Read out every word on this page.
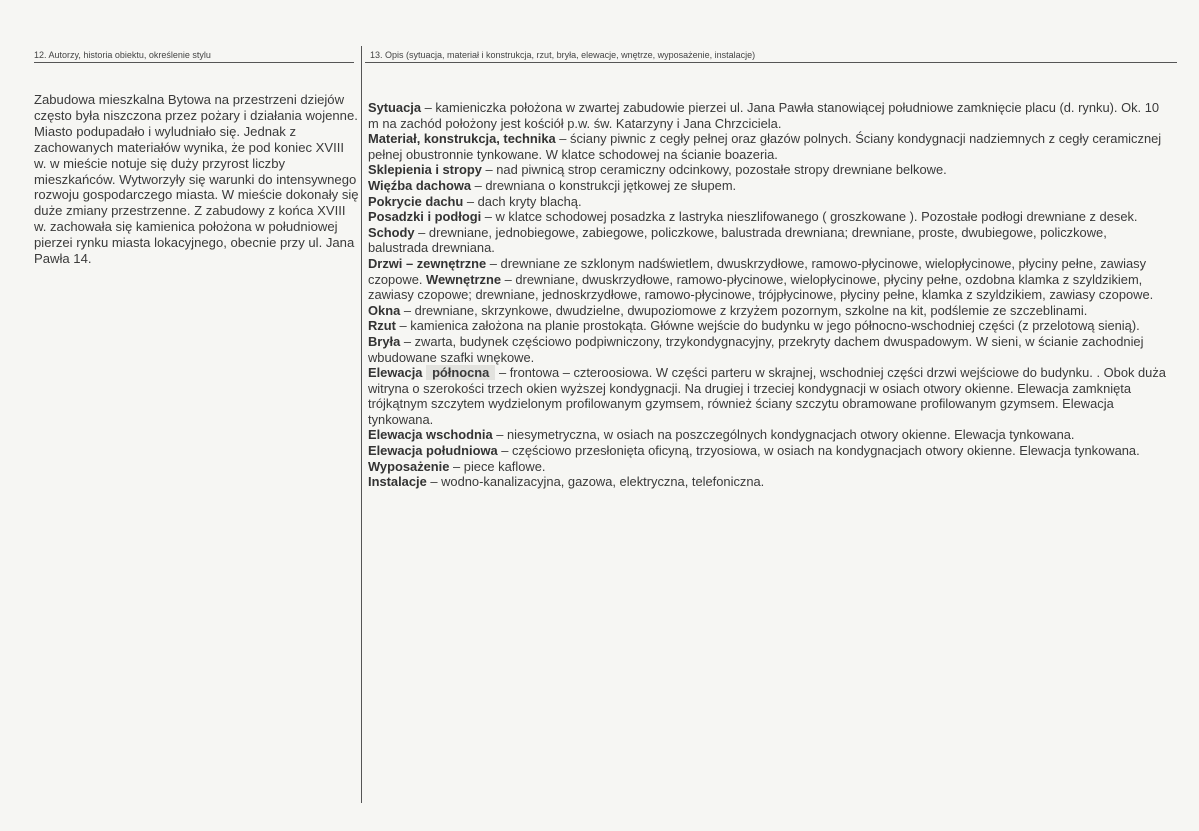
12. Autorzy, historia obiektu, określenie stylu	13. Opis (sytuacja, materiał i konstrukcja, rzut, bryła, elewacje, wnętrze, wyposażenie, instalacje)

Zabudowa mieszkalna Bytowa na przestrzeni dziejów często była niszczona przez pożary i działania wojenne. Miasto podupadało i wyludniało się. Jednak z zachowanych materiałów wynika, że pod koniec XVIII w. w mieście notuje się duży przyrost liczby mieszkańców. Wytworzyły się warunki do intensywnego rozwoju gospodarczego miasta. W mieście dokonały się duże zmiany przestrzenne. Z zabudowy z końca XVIII w. zachowała się kamienica położona w południowej pierzei rynku miasta lokacyjnego, obecnie przy ul. Jana Pawła 14.

Sytuacja – kamieniczka położona w zwartej zabudowie pierzei ul. Jana Pawła stanowiącej południowe zamknięcie placu (d. rynku). Ok. 10 m na zachód położony jest kościół p.w. św. Katarzyny i Jana Chrzciciela.

Materiał, konstrukcja, technika – ściany piwnic z cegły pełnej oraz głazów polnych. Ściany kondygnacji nadziemnych z cegły ceramicznej pełnej obustronnie tynkowane. W klatce schodowej na ścianie boazeria.

Sklepienia i stropy – nad piwnicą strop ceramiczny odcinkowy, pozostałe stropy drewniane belkowe.

Więźba dachowa – drewniana o konstrukcji jętkowej ze słupem.

Pokrycie dachu – dach kryty blachą.

Posadzki i podłogi – w klatce schodowej posadzka z lastryka nieszlifowanego ( groszkowane ). Pozostałe podłogi drewniane z desek.

Schody – drewniane, jednobiegowe, zabiegowe, policzkowe, balustrada drewniana; drewniane, proste, dwubiegowe, policzkowe, balustrada drewniana.

Drzwi – zewnętrzne – drewniane ze szklonym nadświetlem, dwuskrzydłowe, ramowo-płycinowe, wielopłycinowe, płyciny pełne, zawiasy czopowe. Wewnętrzne – drewniane, dwuskrzydłowe, ramowo-płycinowe, wielopłycinowe, płyciny pełne, ozdobna klamka z szyldzikiem, zawiasy czopowe; drewniane, jednoskrzydłowe, ramowo-płycinowe, trójpłycinowe, płyciny pełne, klamka z szyldzikiem, zawiasy czopowe.

Okna – drewniane, skrzynkowe, dwudzielne, dwupoziomowe z krzyżem pozornym, szkolne na kit, podślemie ze szczeblinami.

Rzut – kamienica założona na planie prostokąta. Główne wejście do budynku w jego północno-wschodniej części (z przelotową sienią).

Bryła – zwarta, budynek częściowo podpiwniczony, trzykondygnacyjny, przekryty dachem dwuspadowym. W sieni, w ścianie zachodniej wbudowane szafki wnękowe.

Elewacja północna – frontowa – czteroosiowa. W części parteru w skrajnej, wschodniej części drzwi wejściowe do budynku. . Obok duża witryna o szerokości trzech okien wyższej kondygnacji. Na drugiej i trzeciej kondygnacji w osiach otwory okienne. Elewacja zamknięta trójkątnym szczytem wydzielonym profilowanym gzymsem, również ściany szczytu obramowane profilowanym gzymsem. Elewacja tynkowana.

Elewacja wschodnia – niesymetryczna, w osiach na poszczególnych kondygnacjach otwory okienne. Elewacja tynkowana.

Elewacja południowa – częściowo przesłonięta oficyną, trzyosiowa, w osiach na kondygnacjach otwory okienne. Elewacja tynkowana.

Wyposażenie – piece kaflowe.

Instalacje – wodno-kanalizacyjna, gazowa, elektryczna, telefoniczna.
